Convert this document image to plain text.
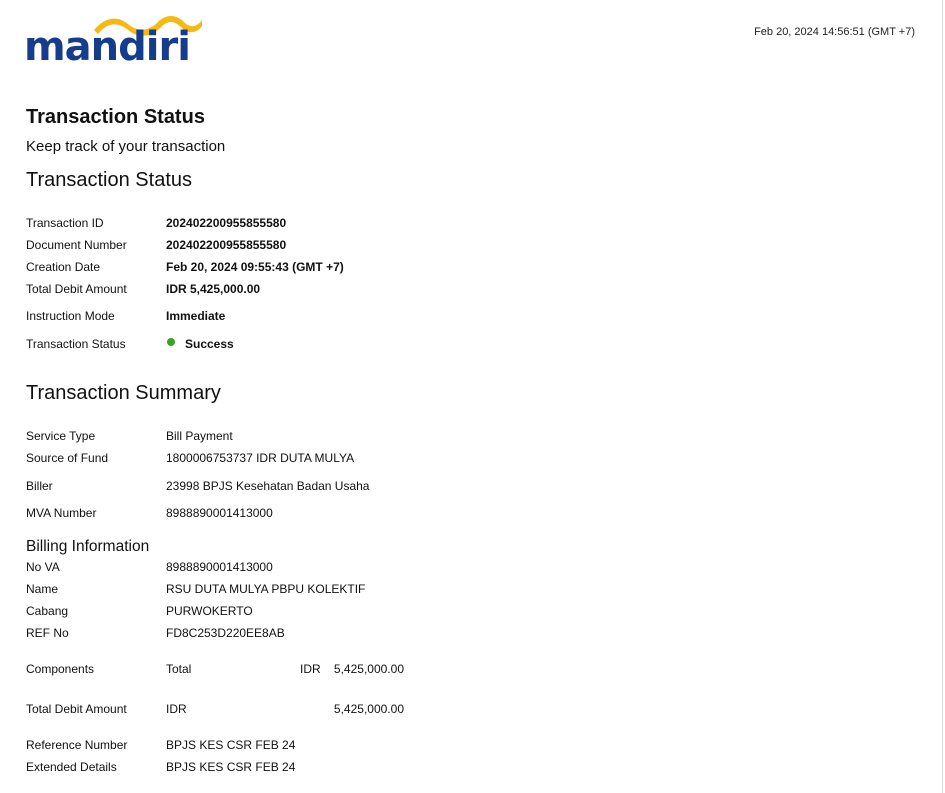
mandiri	Feb 20, 2024 14:56:51 (GMT +7)
Transaction Status
Keep track of your transaction
Transaction Status
Transaction ID	202402200955855580
Document Number	202402200955855580
Creation Date	Feb 20, 2024 09:55:43 (GMT +7)
Total Debit Amount	IDR 5,425,000.00
Instruction Mode	Immediate
Transaction Status	Success
Transaction Summary
Service Type	Bill Payment
Source of Fund	1800006753737 IDR DUTA MULYA
Biller	23998 BPJS Kesehatan Badan Usaha
MVA Number	8988890001413000
Billing Information
No VA	8988890001413000
Name	RSU DUTA MULYA PBPU KOLEKTIF
Cabang	PURWOKERTO
REF No	FD8C253D220EE8AB
Components	Total	IDR 5,425,000.00
Total Debit Amount	IDR	5,425,000.00
Reference Number	BPJS KES CSR FEB 24
Extended Details	BPJS KES CSR FEB 24
